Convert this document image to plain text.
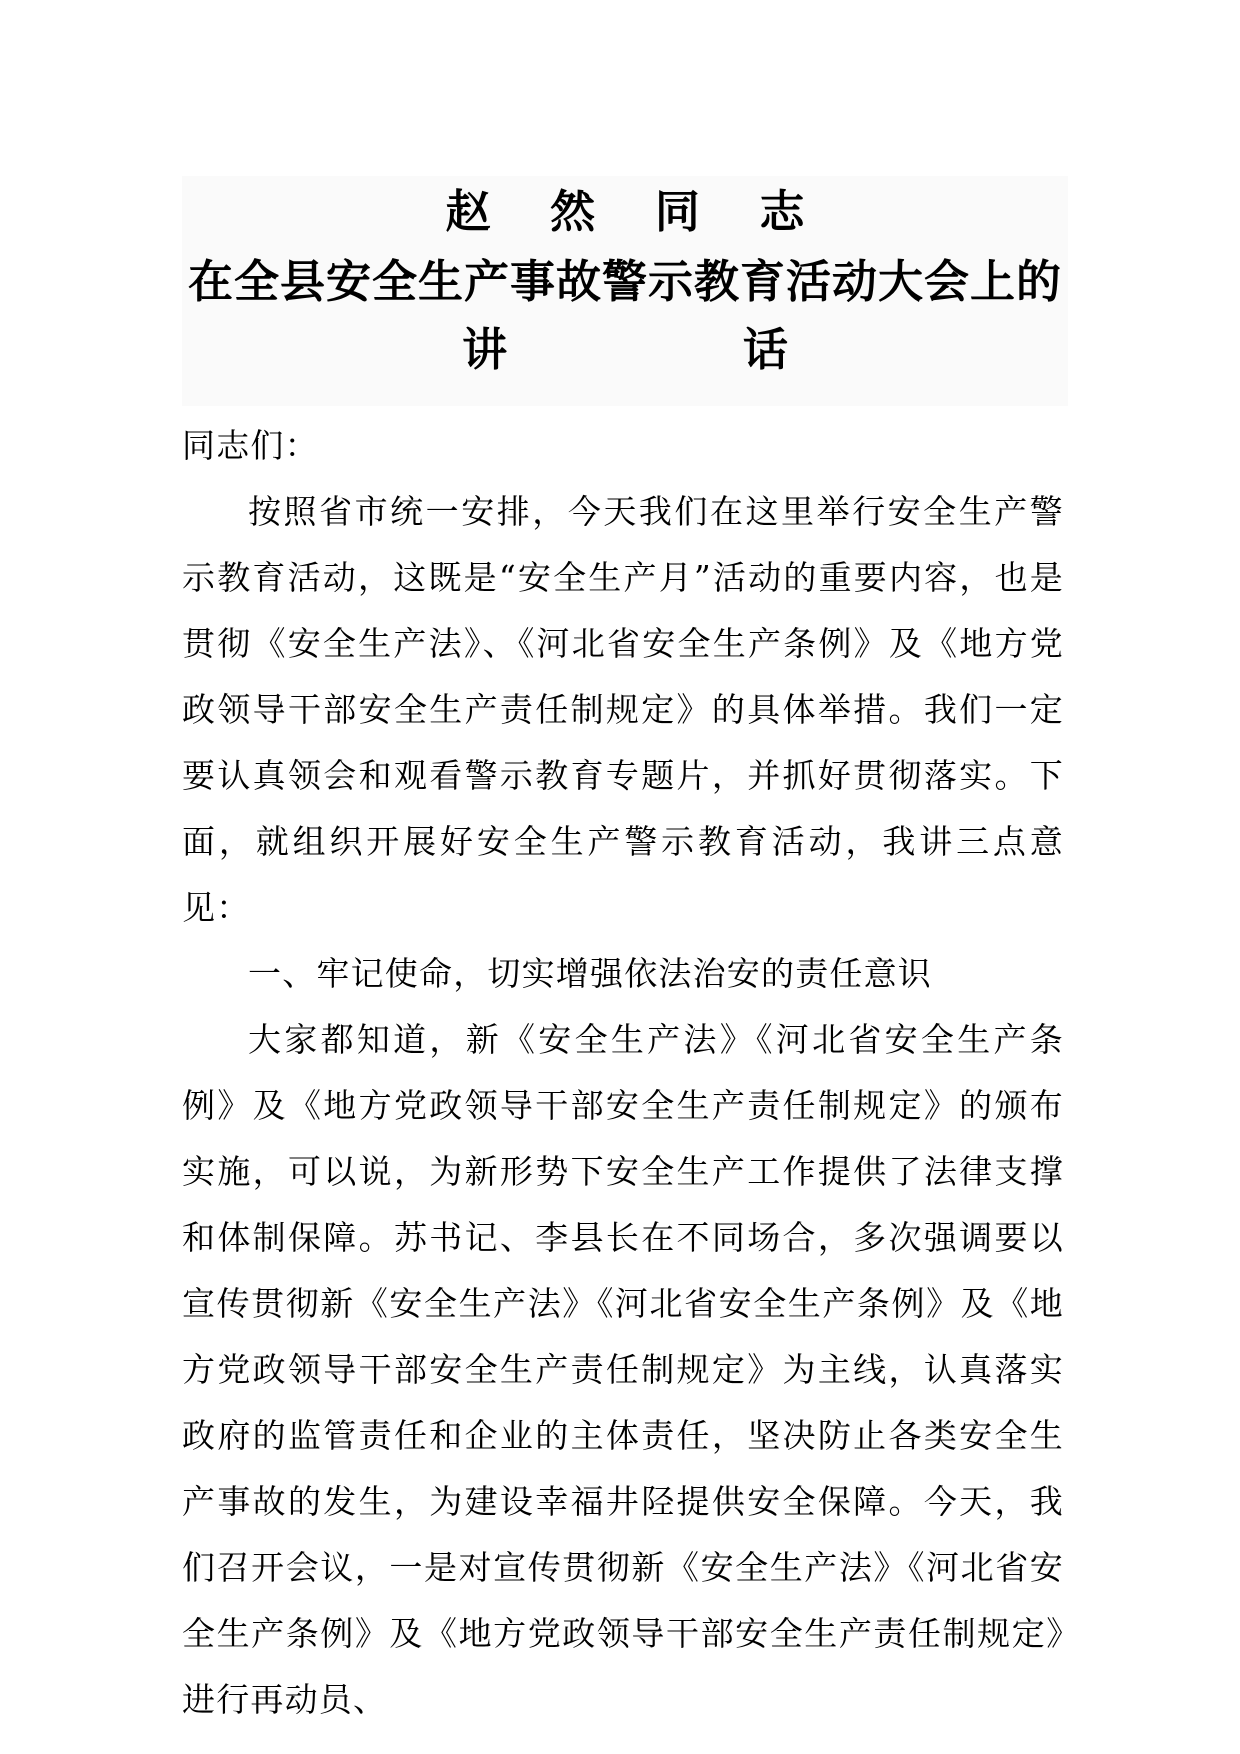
赵 然 同 志
在全县安全生产事故警示教育活动大会上的
讲 话

同志们：

按照省市统一安排，今天我们在这里举行安全生产警示教育活动，这既是“安全生产月”活动的重要内容，也是贯彻《安全生产法》、《河北省安全生产条例》及《地方党政领导干部安全生产责任制规定》的具体举措。我们一定要认真领会和观看警示教育专题片，并抓好贯彻落实。下面，就组织开展好安全生产警示教育活动，我讲三点意见：

一、牢记使命，切实增强依法治安的责任意识

大家都知道，新《安全生产法》《河北省安全生产条例》及《地方党政领导干部安全生产责任制规定》的颁布实施，可以说，为新形势下安全生产工作提供了法律支撑和体制保障。苏书记、李县长在不同场合，多次强调要以宣传贯彻新《安全生产法》《河北省安全生产条例》及《地方党政领导干部安全生产责任制规定》为主线，认真落实政府的监管责任和企业的主体责任，坚决防止各类安全生产事故的发生，为建设幸福井陉提供安全保障。今天，我们召开会议，一是对宣传贯彻新《安全生产法》《河北省安全生产条例》及《地方党政领导干部安全生产责任制规定》进行再动员、
